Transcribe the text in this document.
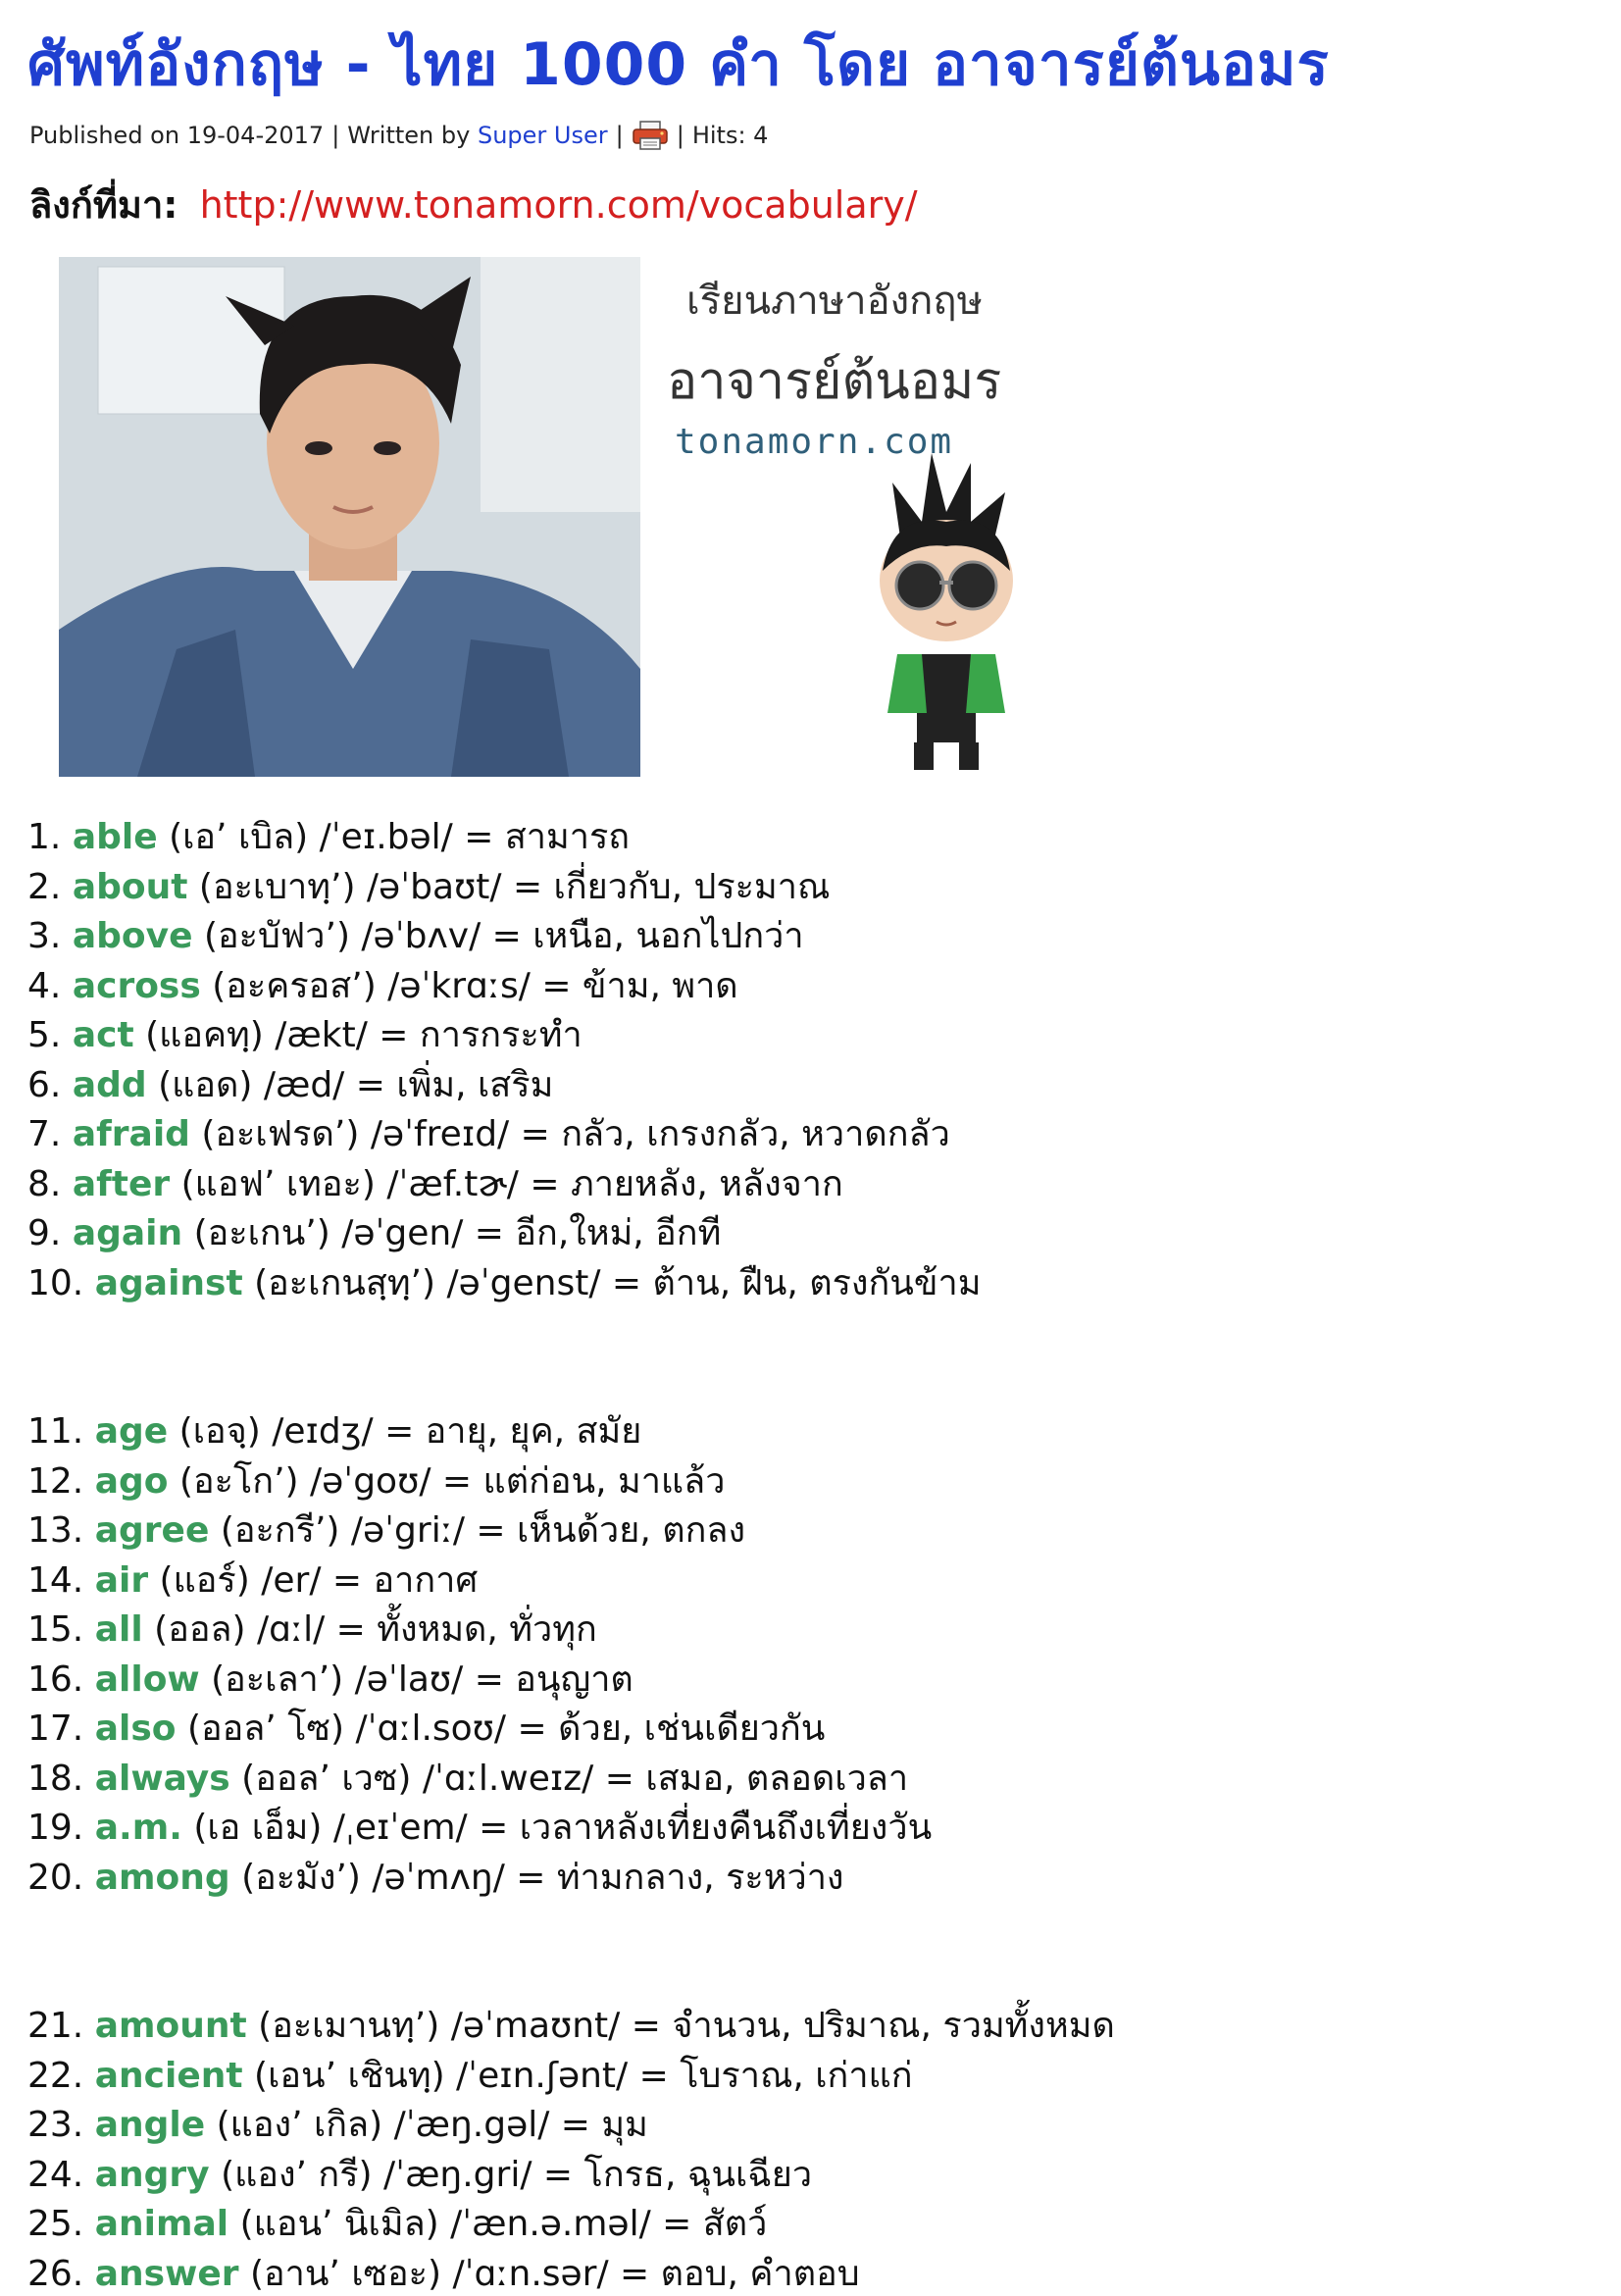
ศัพท์อังกฤษ - ไทย 1000 คำ โดย อาจารย์ต้นอมร
Published on 19-04-2017 | Written by
Super User | | Hits: 4
ลิงก์ที่มา: http://www.tonamorn.com/vocabulary/
เรียนภาษาอังกฤษ
อาจารย์ต้นอมร
tonamorn.com
1. able (เอ’ เบิล) /ˈeɪ.bəl/ = สามารถ
2. about (อะเบาทฺ’) /əˈbaʊt/ = เกี่ยวกับ, ประมาณ
3. above (อะบัฟว’) /əˈbʌv/ = เหนือ, นอกไปกว่า
4. across (อะครอส’) /əˈkrɑːs/ = ข้าม, พาด
5. act (แอคทฺ) /ækt/ = การกระทำ
6. add (แอด) /æd/ = เพิ่ม, เสริม
7. afraid (อะเฟรด’) /əˈfreɪd/ = กลัว, เกรงกลัว, หวาดกลัว
8. after (แอฟ’ เทอะ) /ˈæf.tɚ/ = ภายหลัง, หลังจาก
9. again (อะเกน’) /əˈgen/ = อีก,ใหม่, อีกที
10. against (อะเกนสฺทฺ’) /əˈgenst/ = ต้าน, ฝืน, ตรงกันข้าม
11. age (เอจฺ) /eɪdʒ/ = อายุ, ยุค, สมัย
12. ago (อะโก’) /əˈgoʊ/ = แต่ก่อน, มาแล้ว
13. agree (อะกรี’) /əˈgriː/ = เห็นด้วย, ตกลง
14. air (แอร์) /er/ = อากาศ
15. all (ออล) /ɑːl/ = ทั้งหมด, ทั่วทุก
16. allow (อะเลา’) /əˈlaʊ/ = อนุญาต
17. also (ออล’ โซ) /ˈɑːl.soʊ/ = ด้วย, เช่นเดียวกัน
18. always (ออล’ เวซ) /ˈɑːl.weɪz/ = เสมอ, ตลอดเวลา
19. a.m. (เอ เอ็ม) /ˌeɪˈem/ = เวลาหลังเที่ยงคืนถึงเที่ยงวัน
20. among (อะมัง’) /əˈmʌŋ/ = ท่ามกลาง, ระหว่าง
21. amount (อะเมานทฺ’) /əˈmaʊnt/ = จำนวน, ปริมาณ, รวมทั้งหมด
22. ancient (เอน’ เชินทฺ) /ˈeɪn.ʃənt/ = โบราณ, เก่าแก่
23. angle (แอง’ เกิล) /ˈæŋ.gəl/ = มุม
24. angry (แอง’ กรี) /ˈæŋ.gri/ = โกรธ, ฉุนเฉียว
25. animal (แอน’ นิเมิล) /ˈæn.ə.məl/ = สัตว์
26. answer (อาน’ เซอะ) /ˈɑːn.sər/ = ตอบ, คำตอบ
